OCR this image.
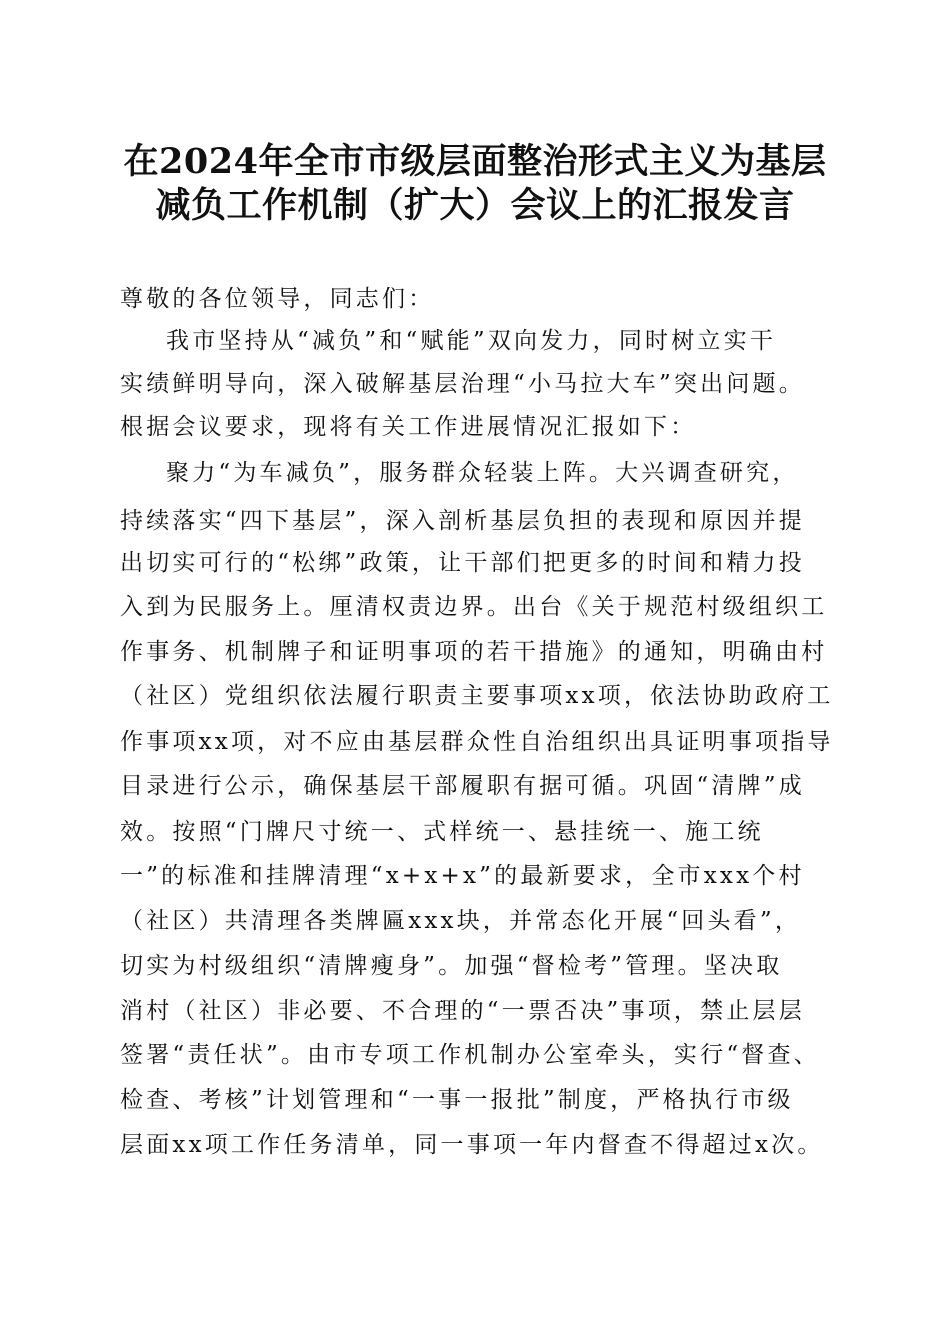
在2024年全市市级层面整治形式主义为基层
减负工作机制（扩大）会议上的汇报发言
尊敬的各位领导，同志们：
我市坚持从“减负”和“赋能”双向发力，同时树立实干
实绩鲜明导向，深入破解基层治理“小马拉大车”突出问题。
根据会议要求，现将有关工作进展情况汇报如下：
聚力“为车减负”，服务群众轻装上阵。大兴调查研究，
持续落实“四下基层”，深入剖析基层负担的表现和原因并提
出切实可行的“松绑”政策，让干部们把更多的时间和精力投
入到为民服务上。厘清权责边界。出台《关于规范村级组织工
作事务、机制牌子和证明事项的若干措施》的通知，明确由村
（社区）党组织依法履行职责主要事项xx项，依法协助政府工
作事项xx项，对不应由基层群众性自治组织出具证明事项指导
目录进行公示，确保基层干部履职有据可循。巩固“清牌”成
效。按照“门牌尺寸统一、式样统一、悬挂统一、施工统
一”的标准和挂牌清理“x+x+x”的最新要求，全市xxx个村
（社区）共清理各类牌匾xxx块，并常态化开展“回头看”，
切实为村级组织“清牌瘦身”。加强“督检考”管理。坚决取
消村（社区）非必要、不合理的“一票否决”事项，禁止层层
签署“责任状”。由市专项工作机制办公室牵头，实行“督查、
检查、考核”计划管理和“一事一报批”制度，严格执行市级
层面xx项工作任务清单，同一事项一年内督查不得超过x次。
